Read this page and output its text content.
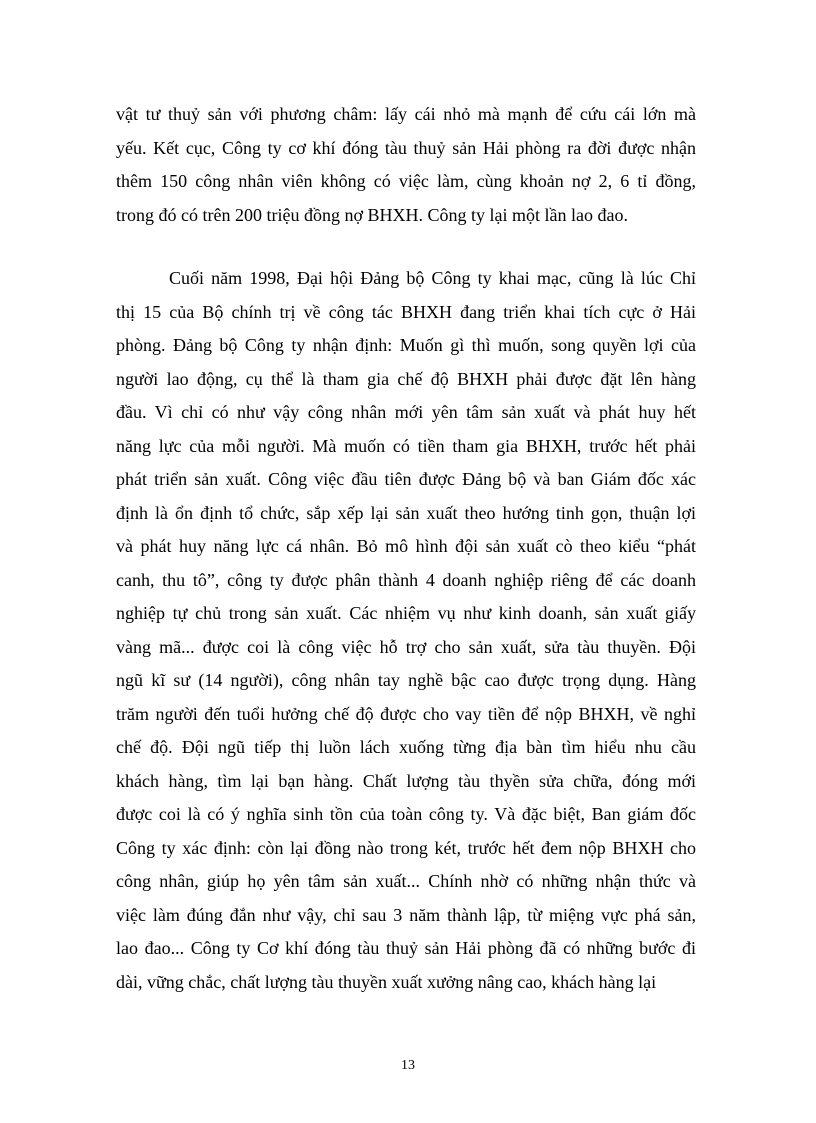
vật tư thuỷ sản với phương châm: lấy cái nhỏ mà mạnh để cứu cái lớn mà
yếu. Kết cục, Công ty cơ khí đóng tàu thuỷ sản Hải phòng ra đời được nhận
thêm 150 công nhân viên không có việc làm, cùng khoản nợ 2, 6 tỉ đồng,
trong đó có trên 200 triệu đồng nợ BHXH. Công ty lại một lần lao đao.
Cuối năm 1998, Đại hội Đảng bộ Công ty khai mạc, cũng là lúc Chỉ
thị 15 của Bộ chính trị về công tác BHXH đang triển khai tích cực ở Hải
phòng. Đảng bộ Công ty nhận định: Muốn gì thì muốn, song quyền lợi của
người lao động, cụ thể là tham gia chế độ BHXH phải được đặt lên hàng
đầu. Vì chỉ có như vậy công nhân mới yên tâm sản xuất và phát huy hết
năng lực của mỗi người. Mà muốn có tiền tham gia BHXH, trước hết phải
phát triển sản xuất. Công việc đầu tiên được Đảng bộ và ban Giám đốc xác
định là ổn định tổ chức, sắp xếp lại sản xuất theo hướng tinh gọn, thuận lợi
và phát huy năng lực cá nhân. Bỏ mô hình đội sản xuất cò theo kiểu “phát
canh, thu tô”, công ty được phân thành 4 doanh nghiệp riêng để các doanh
nghiệp tự chủ trong sản xuất. Các nhiệm vụ như kinh doanh, sản xuất giấy
vàng mã... được coi là công việc hỗ trợ cho sản xuất, sửa tàu thuyền. Đội
ngũ kĩ sư (14 người), công nhân tay nghề bậc cao được trọng dụng. Hàng
trăm người đến tuổi hưởng chế độ được cho vay tiền để nộp BHXH, về nghỉ
chế độ. Đội ngũ tiếp thị luồn lách xuống từng địa bàn tìm hiểu nhu cầu
khách hàng, tìm lại bạn hàng. Chất lượng tàu thyền sửa chữa, đóng mới
được coi là có ý nghĩa sinh tồn của toàn công ty. Và đặc biệt, Ban giám đốc
Công ty xác định: còn lại đồng nào trong két, trước hết đem nộp BHXH cho
công nhân, giúp họ yên tâm sản xuất... Chính nhờ có những nhận thức và
việc làm đúng đắn như vậy, chỉ sau 3 năm thành lập, từ miệng vực phá sản,
lao đao... Công ty Cơ khí đóng tàu thuỷ sản Hải phòng đã có những bước đi
dài, vững chắc, chất lượng tàu thuyền xuất xưởng nâng cao, khách hàng lại
13
